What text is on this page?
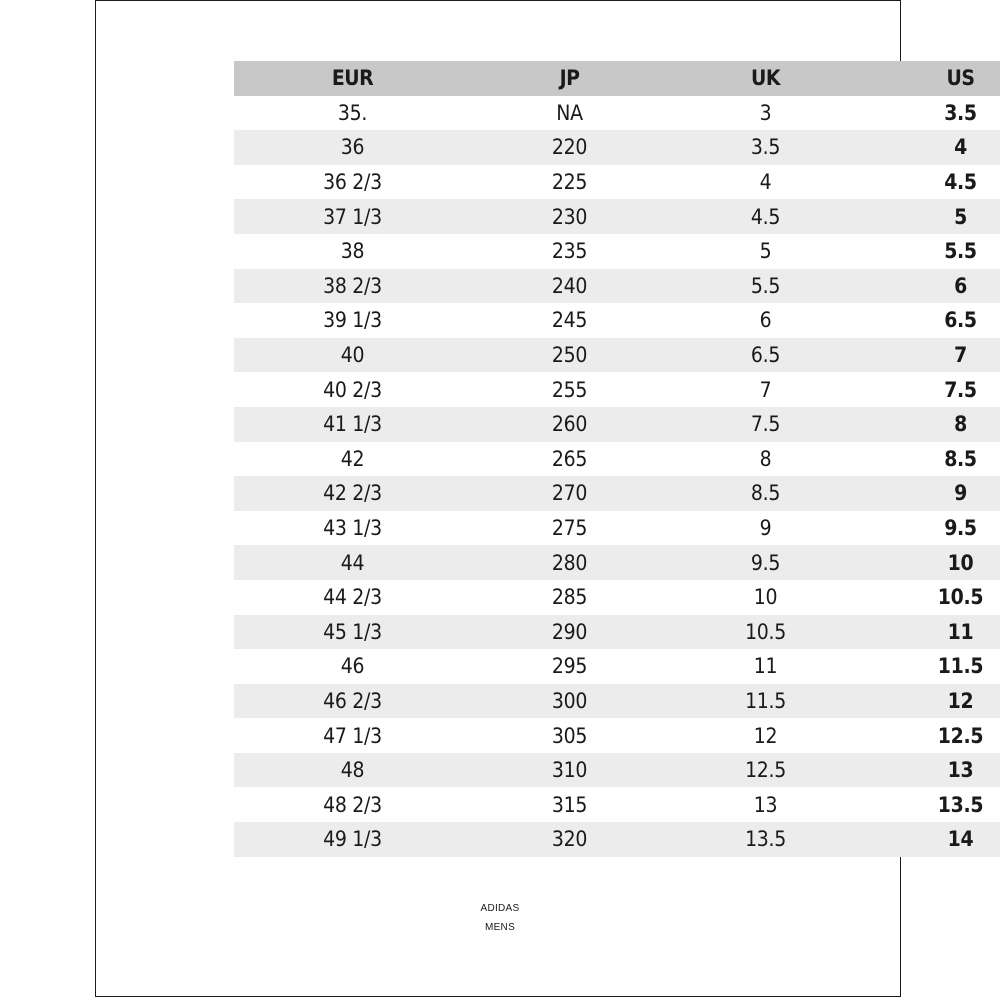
EUR	JP	UK	US
35.	NA	3	3.5
36	220	3.5	4
36 2/3	225	4	4.5
37 1/3	230	4.5	5
38	235	5	5.5
38 2/3	240	5.5	6
39 1/3	245	6	6.5
40	250	6.5	7
40 2/3	255	7	7.5
41 1/3	260	7.5	8
42	265	8	8.5
42 2/3	270	8.5	9
43 1/3	275	9	9.5
44	280	9.5	10
44 2/3	285	10	10.5
45 1/3	290	10.5	11
46	295	11	11.5
46 2/3	300	11.5	12
47 1/3	305	12	12.5
48	310	12.5	13
48 2/3	315	13	13.5
49 1/3	320	13.5	14
ADIDAS
MENS
